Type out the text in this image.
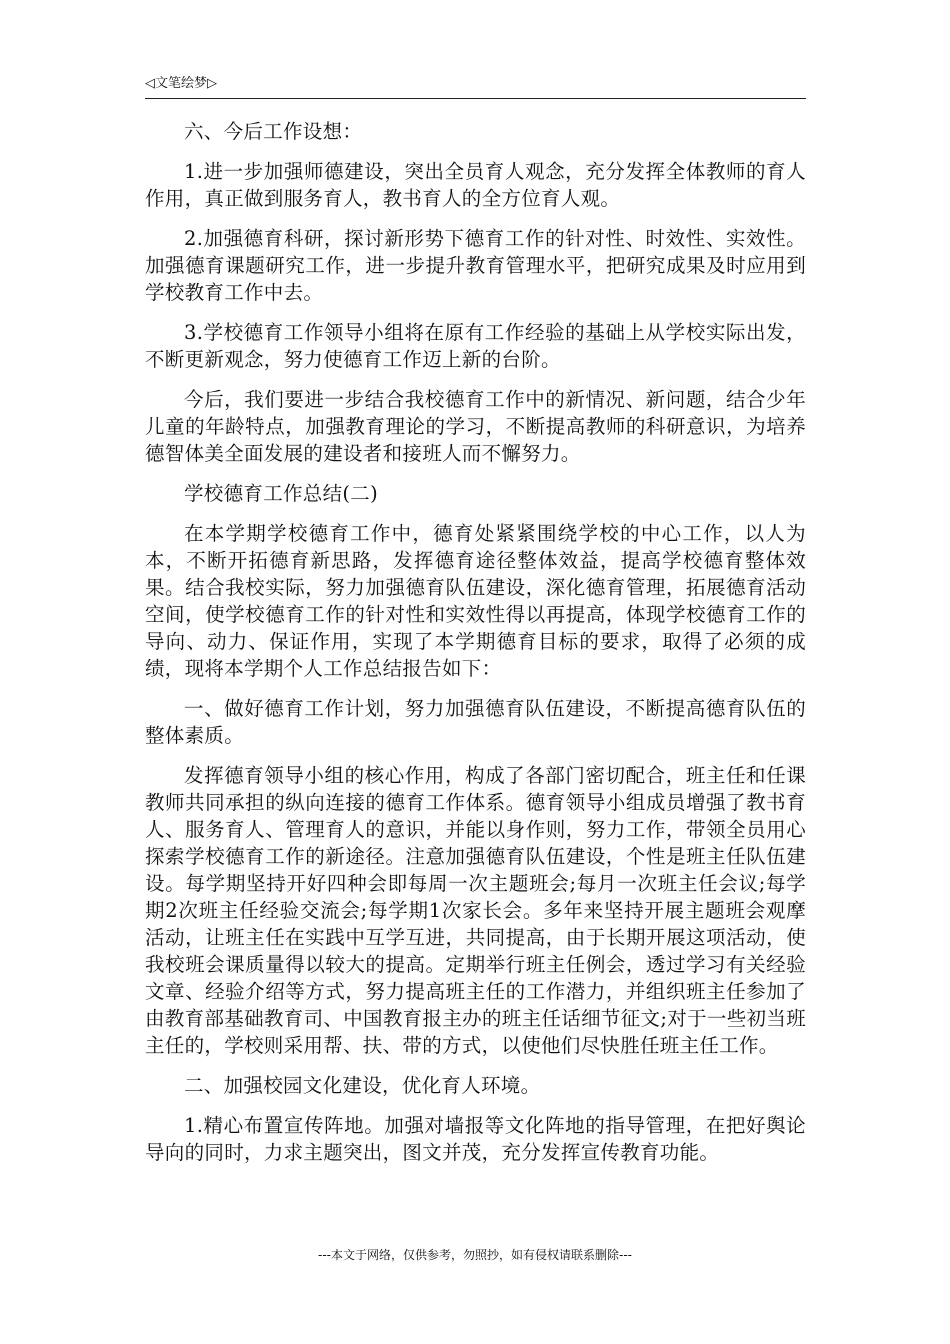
◁文笔绘梦▷

六、今后工作设想：

1.进一步加强师德建设，突出全员育人观念，充分发挥全体教师的育人作用，真正做到服务育人，教书育人的全方位育人观。

2.加强德育科研，探讨新形势下德育工作的针对性、时效性、实效性。加强德育课题研究工作，进一步提升教育管理水平，把研究成果及时应用到学校教育工作中去。

3.学校德育工作领导小组将在原有工作经验的基础上从学校实际出发，不断更新观念，努力使德育工作迈上新的台阶。

今后，我们要进一步结合我校德育工作中的新情况、新问题，结合少年儿童的年龄特点，加强教育理论的学习，不断提高教师的科研意识，为培养德智体美全面发展的建设者和接班人而不懈努力。

学校德育工作总结(二)

在本学期学校德育工作中，德育处紧紧围绕学校的中心工作，以人为本，不断开拓德育新思路，发挥德育途径整体效益，提高学校德育整体效果。结合我校实际，努力加强德育队伍建设，深化德育管理，拓展德育活动空间，使学校德育工作的针对性和实效性得以再提高，体现学校德育工作的导向、动力、保证作用，实现了本学期德育目标的要求，取得了必须的成绩，现将本学期个人工作总结报告如下：

一、做好德育工作计划，努力加强德育队伍建设，不断提高德育队伍的整体素质。

发挥德育领导小组的核心作用，构成了各部门密切配合，班主任和任课教师共同承担的纵向连接的德育工作体系。德育领导小组成员增强了教书育人、服务育人、管理育人的意识，并能以身作则，努力工作，带领全员用心探索学校德育工作的新途径。注意加强德育队伍建设，个性是班主任队伍建设。每学期坚持开好四种会即每周一次主题班会;每月一次班主任会议;每学期2次班主任经验交流会;每学期1次家长会。多年来坚持开展主题班会观摩活动，让班主任在实践中互学互进，共同提高，由于长期开展这项活动，使我校班会课质量得以较大的提高。定期举行班主任例会，透过学习有关经验文章、经验介绍等方式，努力提高班主任的工作潜力，并组织班主任参加了由教育部基础教育司、中国教育报主办的班主任话细节征文;对于一些初当班主任的，学校则采用帮、扶、带的方式，以使他们尽快胜任班主任工作。

二、加强校园文化建设，优化育人环境。

1.精心布置宣传阵地。加强对墙报等文化阵地的指导管理，在把好舆论导向的同时，力求主题突出，图文并茂，充分发挥宣传教育功能。

---本文于网络，仅供参考，勿照抄，如有侵权请联系删除---
